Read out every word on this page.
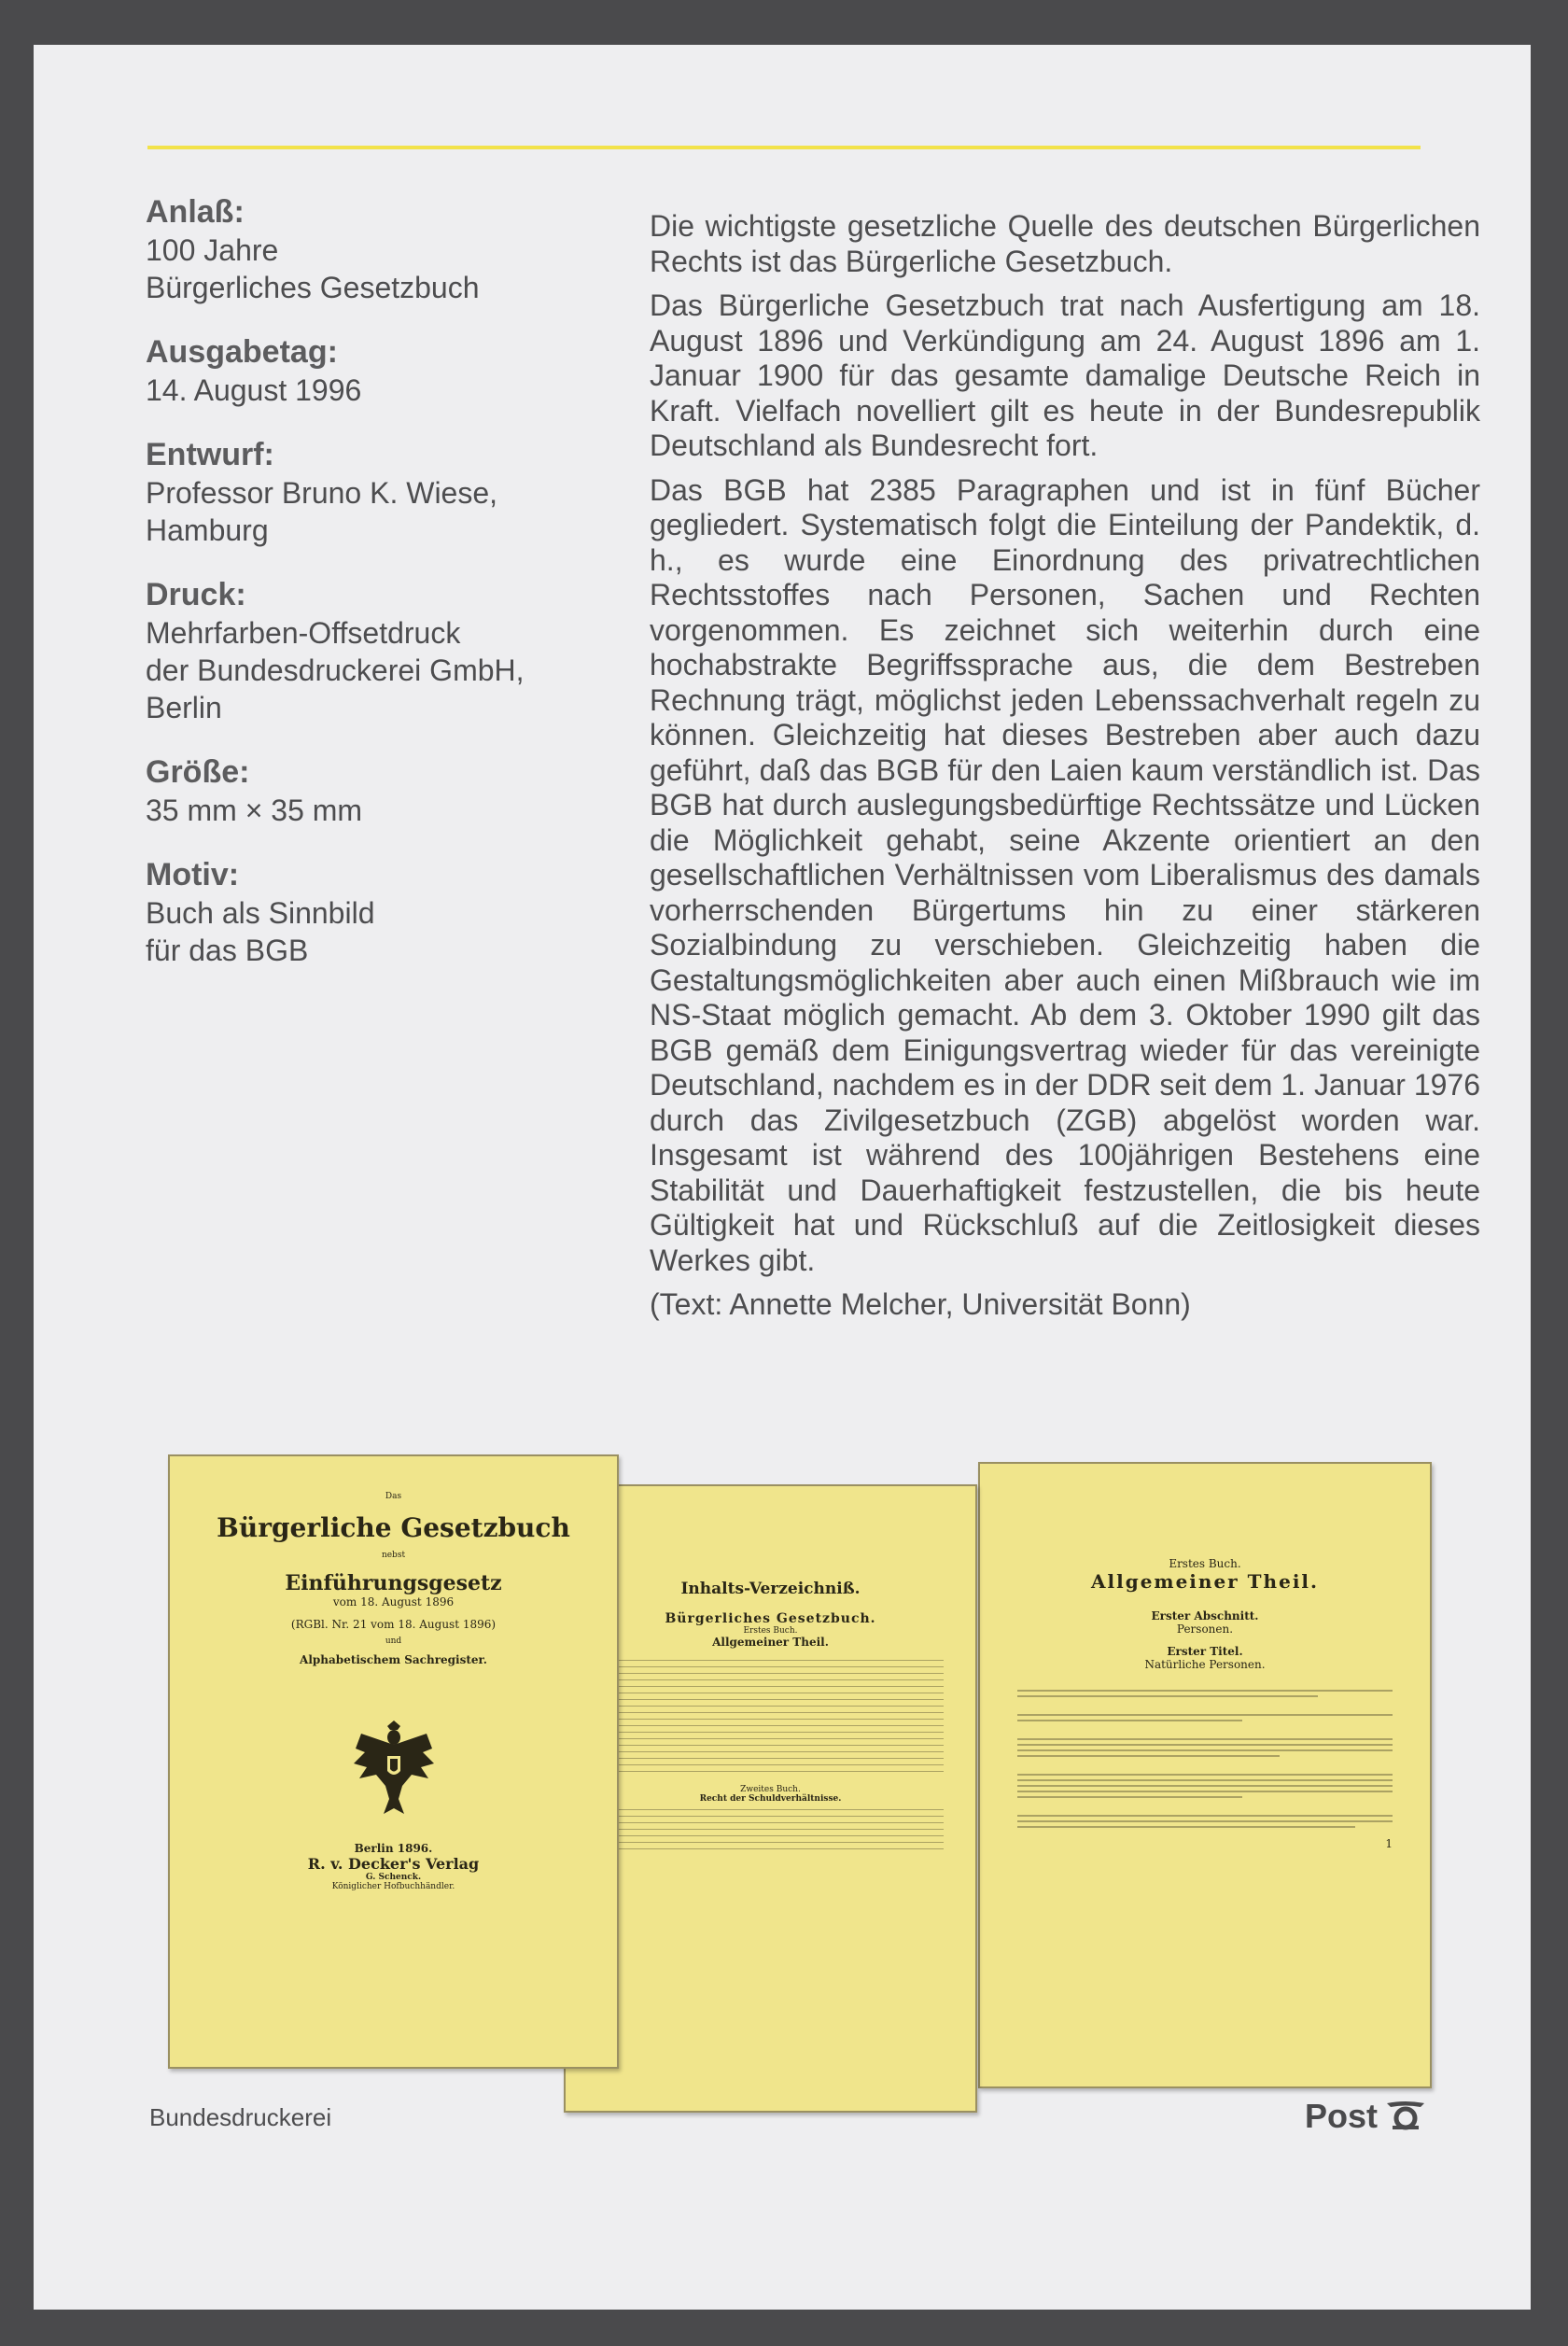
Anlaß:
100 Jahre
Bürgerliches Gesetzbuch
Ausgabetag:
14. August 1996
Entwurf:
Professor Bruno K. Wiese,
Hamburg
Druck:
Mehrfarben-Offsetdruck
der Bundesdruckerei GmbH,
Berlin
Größe:
35 mm × 35 mm
Motiv:
Buch als Sinnbild
für das BGB

Die wichtigste gesetzliche Quelle des deutschen Bürgerlichen Rechts ist das Bürgerliche Gesetzbuch.

Das Bürgerliche Gesetzbuch trat nach Ausfertigung am 18. August 1896 und Verkündigung am 24. August 1896 am 1. Januar 1900 für das gesamte damalige Deutsche Reich in Kraft. Vielfach novelliert gilt es heute in der Bundesrepublik Deutschland als Bundesrecht fort.

Das BGB hat 2385 Paragraphen und ist in fünf Bücher gegliedert. Systematisch folgt die Einteilung der Pandektik, d. h., es wurde eine Einordnung des privatrechtlichen Rechtsstoffes nach Personen, Sachen und Rechten vorgenommen. Es zeichnet sich weiterhin durch eine hochabstrakte Begriffssprache aus, die dem Bestreben Rechnung trägt, möglichst jeden Lebenssachverhalt regeln zu können. Gleichzeitig hat dieses Bestreben aber auch dazu geführt, daß das BGB für den Laien kaum verständlich ist. Das BGB hat durch auslegungsbedürftige Rechtssätze und Lücken die Möglichkeit gehabt, seine Akzente orientiert an den gesellschaftlichen Verhältnissen vom Liberalismus des damals vorherrschenden Bürgertums hin zu einer stärkeren Sozialbindung zu verschieben. Gleichzeitig haben die Gestaltungsmöglichkeiten aber auch einen Mißbrauch wie im NS-Staat möglich gemacht. Ab dem 3. Oktober 1990 gilt das BGB gemäß dem Einigungsvertrag wieder für das vereinigte Deutschland, nachdem es in der DDR seit dem 1. Januar 1976 durch das Zivilgesetzbuch (ZGB) abgelöst worden war. Insgesamt ist während des 100jährigen Bestehens eine Stabilität und Dauerhaftigkeit festzustellen, die bis heute Gültigkeit hat und Rückschluß auf die Zeitlosigkeit dieses Werkes gibt.

(Text: Annette Melcher, Universität Bonn)
Erstes Buch.
Allgemeiner Theil.
Erster Abschnitt.
Personen.
Erster Titel.
Natürliche Personen.
1
Inhalts-Verzeichniß.
Bürgerliches Gesetzbuch.
Erstes Buch.
Allgemeiner Theil.
Zweites Buch.
Recht der Schuldverhältnisse.
Das
Bürgerliche Gesetzbuch
nebst
Einführungsgesetz
vom 18. August 1896
(RGBl. Nr. 21 vom 18. August 1896)
und
Alphabetischem Sachregister.
Berlin 1896.
R. v. Decker's Verlag
G. Schenck.
Königlicher Hofbuchhändler.
Bundesdruckerei	Post
